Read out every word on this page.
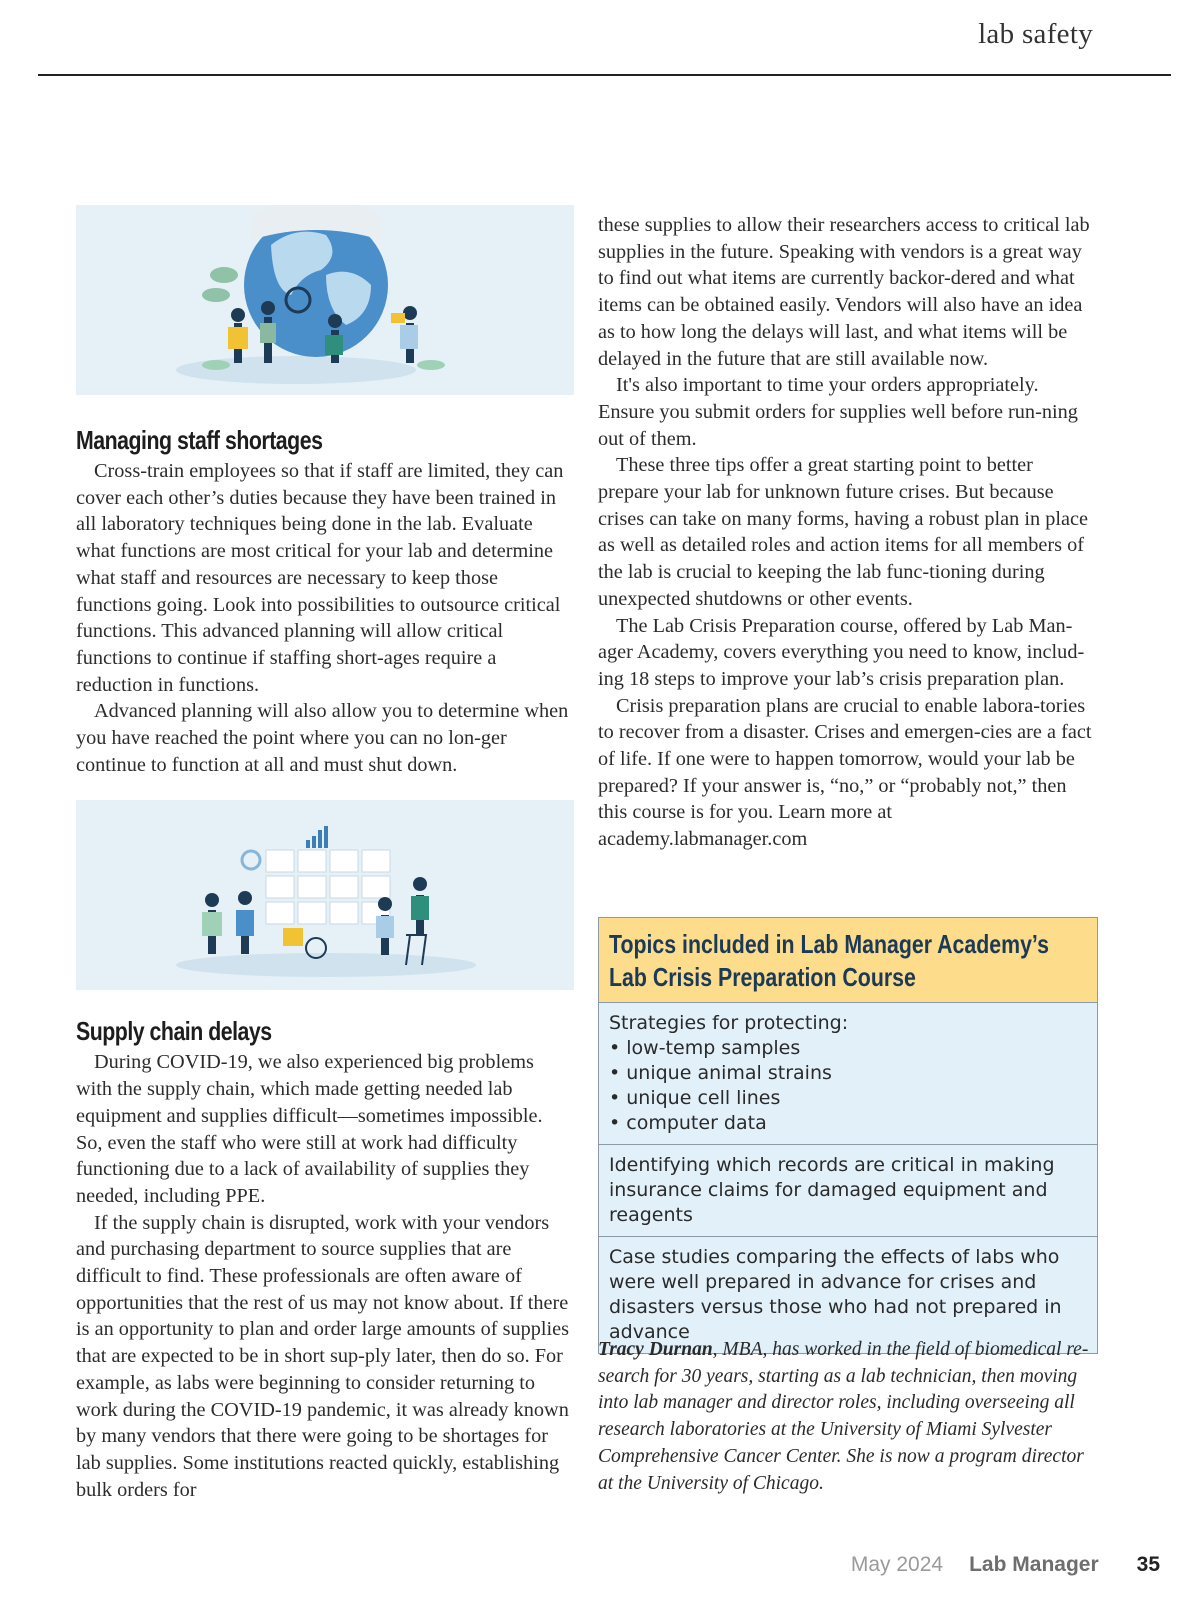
lab safety
Managing staff shortages

Cross-train employees so that if staff are limited, they can cover each other’s duties because they have been trained in all laboratory techniques being done in the lab. Evaluate what functions are most critical for your lab and determine what staff and resources are necessary to keep those functions going. Look into possibilities to outsource critical functions. This advanced planning will allow critical functions to continue if staffing short-ages require a reduction in functions.

Advanced planning will also allow you to determine when you have reached the point where you can no lon-ger continue to function at all and must shut down.

Supply chain delays

During COVID-19, we also experienced big problems with the supply chain, which made getting needed lab equipment and supplies difficult—sometimes impossible. So, even the staff who were still at work had difficulty functioning due to a lack of availability of supplies they needed, including PPE.

If the supply chain is disrupted, work with your vendors and purchasing department to source supplies that are difficult to find. These professionals are often aware of opportunities that the rest of us may not know about. If there is an opportunity to plan and order large amounts of supplies that are expected to be in short sup-ply later, then do so. For example, as labs were beginning to consider returning to work during the COVID-19 pandemic, it was already known by many vendors that there were going to be shortages for lab supplies. Some institutions reacted quickly, establishing bulk orders for

these supplies to allow their researchers access to critical lab supplies in the future. Speaking with vendors is a great way to find out what items are currently backor-dered and what items can be obtained easily. Vendors will also have an idea as to how long the delays will last, and what items will be delayed in the future that are still available now.

It's also important to time your orders appropriately. Ensure you submit orders for supplies well before run-ning out of them.

These three tips offer a great starting point to better prepare your lab for unknown future crises. But because crises can take on many forms, having a robust plan in place as well as detailed roles and action items for all members of the lab is crucial to keeping the lab func-tioning during unexpected shutdowns or other events.

The Lab Crisis Preparation course, offered by Lab Man-ager Academy, covers everything you need to know, includ-ing 18 steps to improve your lab’s crisis preparation plan.

Crisis preparation plans are crucial to enable labora-tories to recover from a disaster. Crises and emergen-cies are a fact of life. If one were to happen tomorrow, would your lab be prepared? If your answer is, “no,” or “probably not,” then this course is for you. Learn more at academy.labmanager.com

Topics included in Lab Manager Academy’s
Lab Crisis Preparation Course
Strategies for protecting:
• low-temp samples
• unique animal strains
• unique cell lines
• computer data
Identifying which records are critical in making insurance claims for damaged equipment and reagents
Case studies comparing the effects of labs who were well prepared in advance for crises and disasters versus those who had not prepared in advance
Tracy Durnan, MBA, has worked in the field of biomedical re-search for 30 years, starting as a lab technician, then moving into lab manager and director roles, including overseeing all research laboratories at the University of Miami Sylvester Comprehensive Cancer Center. She is now a program director at the University of Chicago.
May 2024 Lab Manager 35
